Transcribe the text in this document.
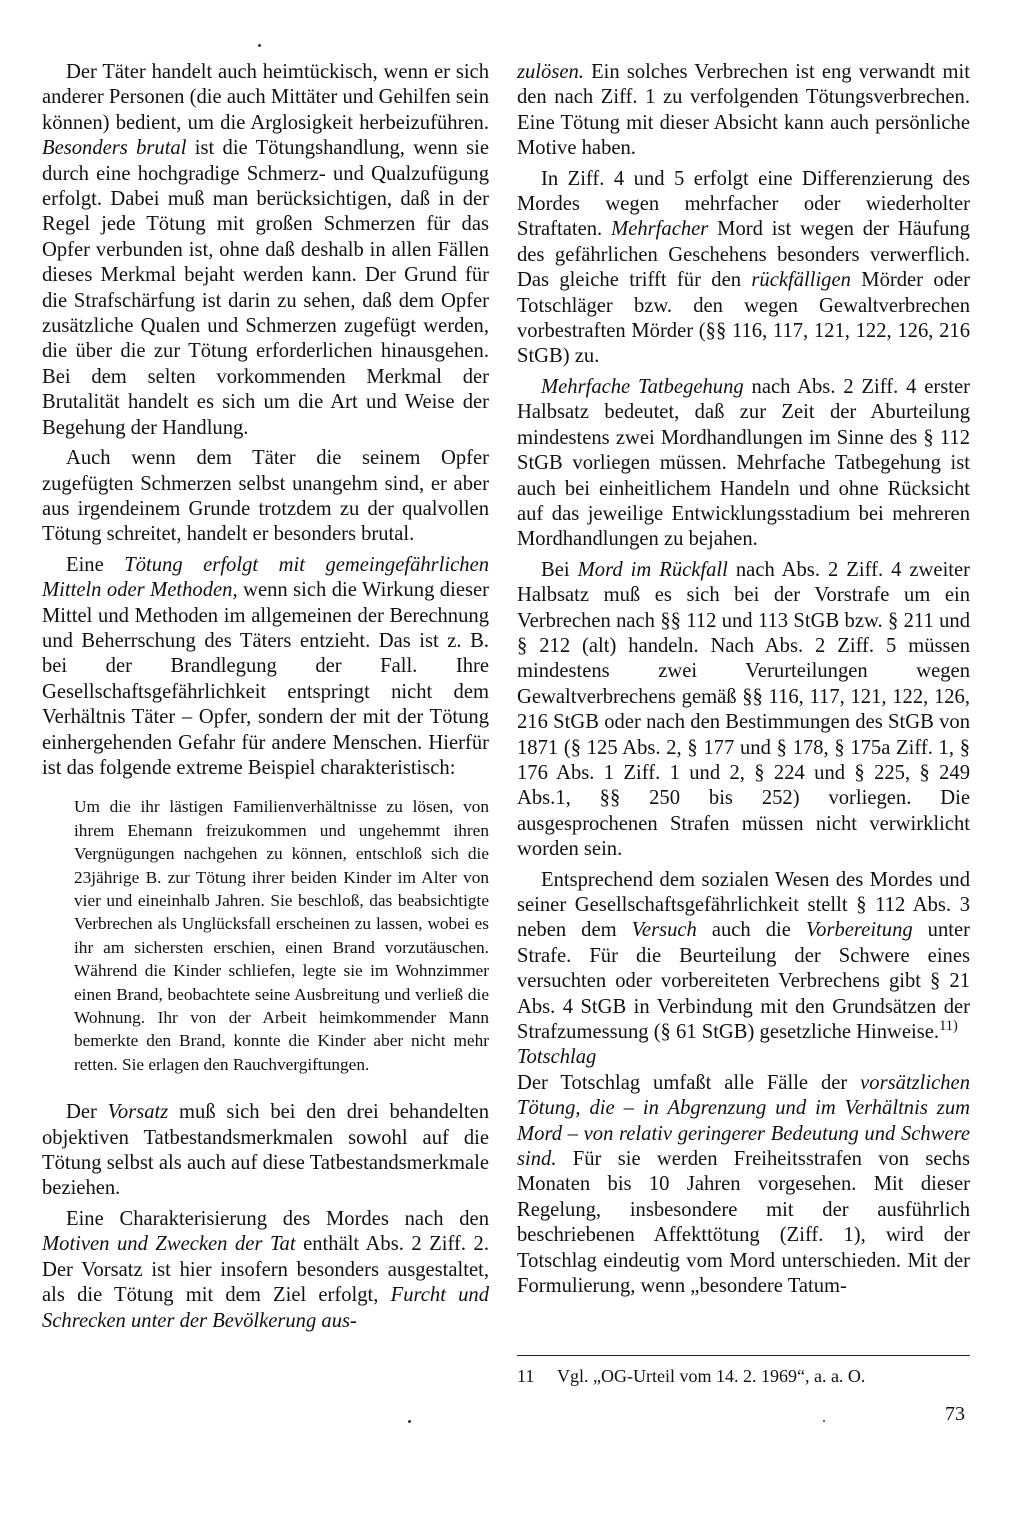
Der Täter handelt auch heimtückisch, wenn er sich anderer Personen (die auch Mittäter und Gehilfen sein können) bedient, um die Arglosigkeit herbeizuführen. Besonders brutal ist die Tötungshandlung, wenn sie durch eine hochgradige Schmerz- und Qualzufügung erfolgt. Dabei muß man berücksichtigen, daß in der Regel jede Tötung mit großen Schmerzen für das Opfer verbunden ist, ohne daß deshalb in allen Fällen dieses Merkmal bejaht werden kann. Der Grund für die Strafschärfung ist darin zu sehen, daß dem Opfer zusätzliche Qualen und Schmerzen zugefügt werden, die über die zur Tötung erforderlichen hinausgehen. Bei dem selten vorkommenden Merkmal der Brutalität handelt es sich um die Art und Weise der Begehung der Handlung.

Auch wenn dem Täter die seinem Opfer zugefügten Schmerzen selbst unangehm sind, er aber aus irgendeinem Grunde trotzdem zu der qualvollen Tötung schreitet, handelt er besonders brutal.

Eine Tötung erfolgt mit gemeingefährlichen Mitteln oder Methoden, wenn sich die Wirkung dieser Mittel und Methoden im allgemeinen der Berechnung und Beherrschung des Täters entzieht. Das ist z. B. bei der Brandlegung der Fall. Ihre Gesellschaftsgefährlichkeit entspringt nicht dem Verhältnis Täter – Opfer, sondern der mit der Tötung einhergehenden Gefahr für andere Menschen. Hierfür ist das folgende extreme Beispiel charakteristisch:

Um die ihr lästigen Familienverhältnisse zu lösen, von ihrem Ehemann freizukommen und ungehemmt ihren Vergnügungen nachgehen zu können, entschloß sich die 23jährige B. zur Tötung ihrer beiden Kinder im Alter von vier und eineinhalb Jahren. Sie beschloß, das beabsichtigte Verbrechen als Unglücksfall erscheinen zu lassen, wobei es ihr am sichersten erschien, einen Brand vorzutäuschen. Während die Kinder schliefen, legte sie im Wohnzimmer einen Brand, beobachtete seine Ausbreitung und verließ die Wohnung. Ihr von der Arbeit heimkommender Mann bemerkte den Brand, konnte die Kinder aber nicht mehr retten. Sie erlagen den Rauchvergiftungen.

Der Vorsatz muß sich bei den drei behandelten objektiven Tatbestandsmerkmalen sowohl auf die Tötung selbst als auch auf diese Tatbestandsmerkmale beziehen.

Eine Charakterisierung des Mordes nach den Motiven und Zwecken der Tat enthält Abs. 2 Ziff. 2. Der Vorsatz ist hier insofern besonders ausgestaltet, als die Tötung mit dem Ziel erfolgt, Furcht und Schrecken unter der Bevölkerung aus-

zulösen. Ein solches Verbrechen ist eng verwandt mit den nach Ziff. 1 zu verfolgenden Tötungsverbrechen. Eine Tötung mit dieser Absicht kann auch persönliche Motive haben.

In Ziff. 4 und 5 erfolgt eine Differenzierung des Mordes wegen mehrfacher oder wiederholter Straftaten. Mehrfacher Mord ist wegen der Häufung des gefährlichen Geschehens besonders verwerflich. Das gleiche trifft für den rückfälligen Mörder oder Totschläger bzw. den wegen Gewaltverbrechen vorbestraften Mörder (§§ 116, 117, 121, 122, 126, 216 StGB) zu.

Mehrfache Tatbegehung nach Abs. 2 Ziff. 4 erster Halbsatz bedeutet, daß zur Zeit der Aburteilung mindestens zwei Mordhandlungen im Sinne des § 112 StGB vorliegen müssen. Mehrfache Tatbegehung ist auch bei einheitlichem Handeln und ohne Rücksicht auf das jeweilige Entwicklungsstadium bei mehreren Mordhandlungen zu bejahen.

Bei Mord im Rückfall nach Abs. 2 Ziff. 4 zweiter Halbsatz muß es sich bei der Vorstrafe um ein Verbrechen nach §§ 112 und 113 StGB bzw. § 211 und § 212 (alt) handeln. Nach Abs. 2 Ziff. 5 müssen mindestens zwei Verurteilungen wegen Gewaltverbrechens gemäß §§ 116, 117, 121, 122, 126, 216 StGB oder nach den Bestimmungen des StGB von 1871 (§ 125 Abs. 2, § 177 und § 178, § 175a Ziff. 1, § 176 Abs. 1 Ziff. 1 und 2, § 224 und § 225, § 249 Abs.1, §§ 250 bis 252) vorliegen. Die ausgesprochenen Strafen müssen nicht verwirklicht worden sein.

Entsprechend dem sozialen Wesen des Mordes und seiner Gesellschaftsgefährlichkeit stellt § 112 Abs. 3 neben dem Versuch auch die Vorbereitung unter Strafe. Für die Beurteilung der Schwere eines versuchten oder vorbereiteten Verbrechens gibt § 21 Abs. 4 StGB in Verbindung mit den Grundsätzen der Strafzumessung (§ 61 StGB) gesetzliche Hinweise.$^{11)}$

Totschlag

Der Totschlag umfaßt alle Fälle der vorsätzlichen Tötung, die – in Abgrenzung und im Verhältnis zum Mord – von relativ geringerer Bedeutung und Schwere sind. Für sie werden Freiheitsstrafen von sechs Monaten bis 10 Jahren vorgesehen. Mit dieser Regelung, insbesondere mit der ausführlich beschriebenen Affekttötung (Ziff. 1), wird der Totschlag eindeutig vom Mord unterschieden. Mit der Formulierung, wenn „besondere Tatum-

11 Vgl. „OG-Urteil vom 14. 2. 1969“, a. a. O.
73
